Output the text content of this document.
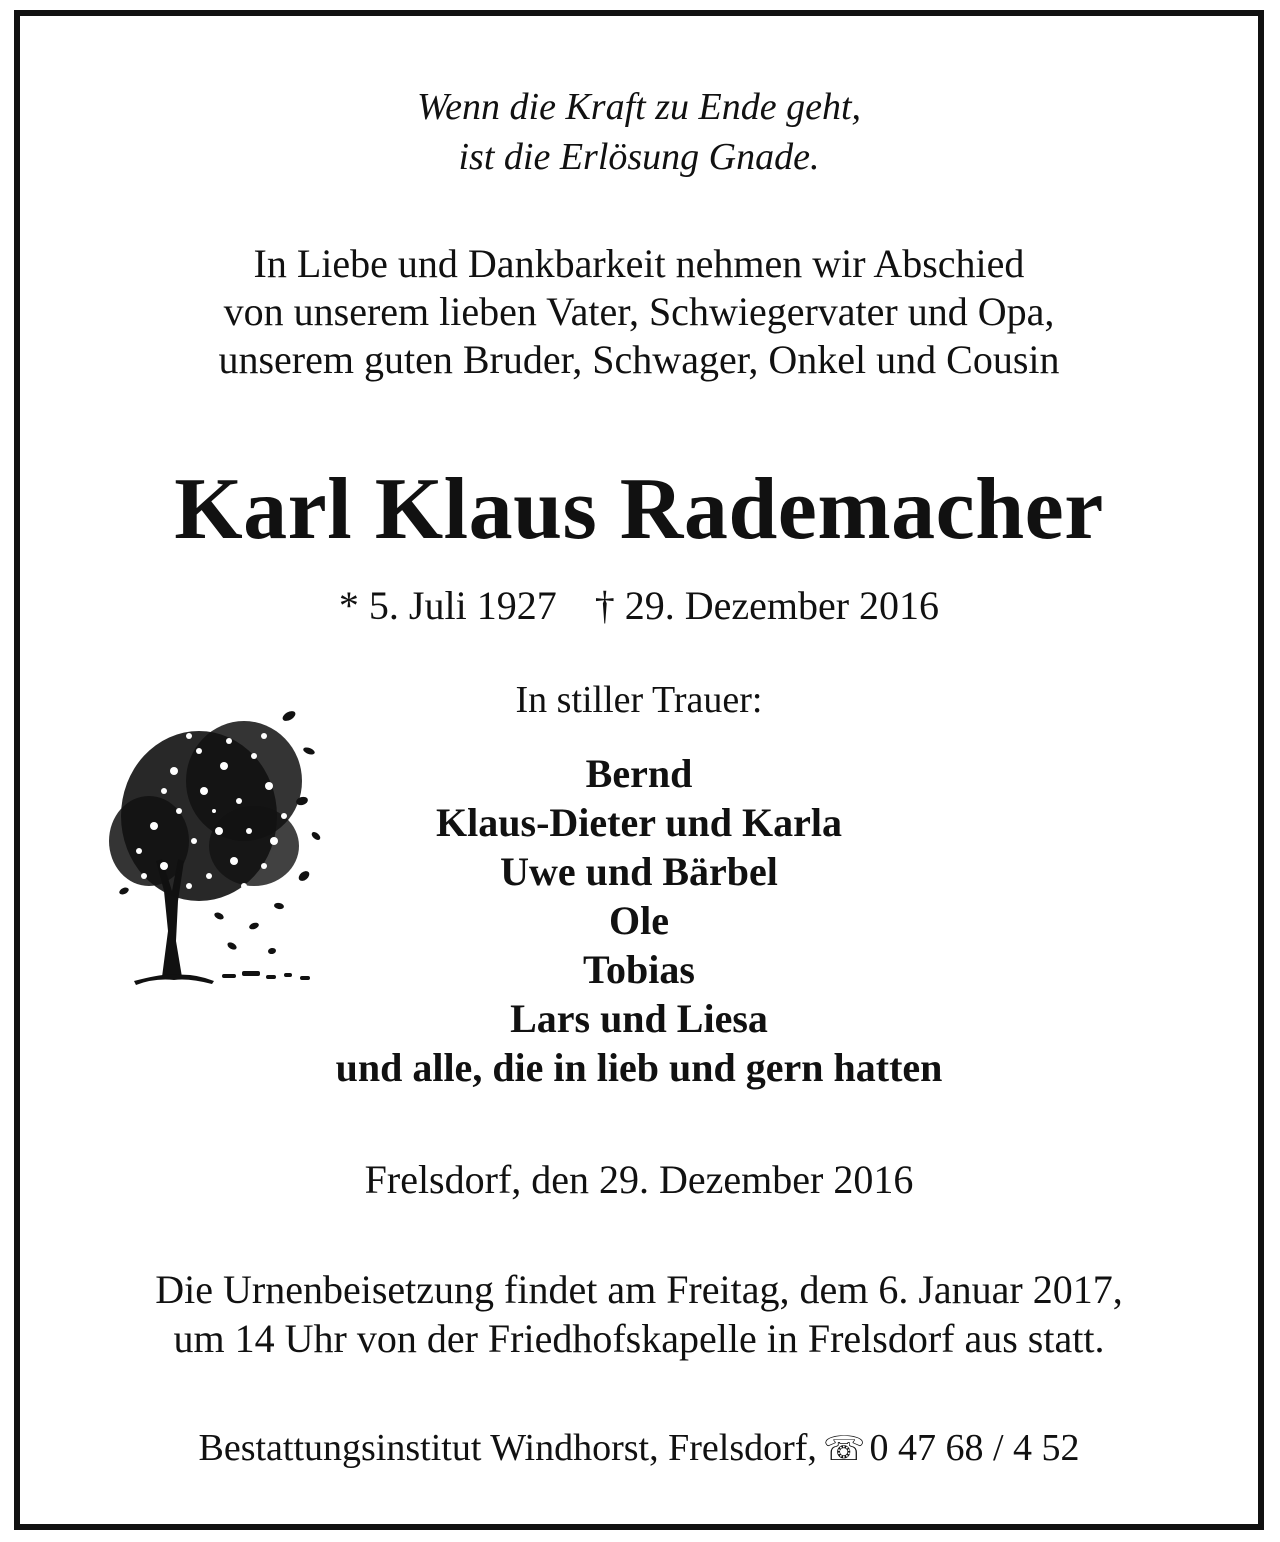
Wenn die Kraft zu Ende geht,
ist die Erlösung Gnade.
In Liebe und Dankbarkeit nehmen wir Abschied
von unserem lieben Vater, Schwiegervater und Opa,
unserem guten Bruder, Schwager, Onkel und Cousin
Karl Klaus Rademacher
* 5. Juli 1927 † 29. Dezember 2016
In stiller Trauer:
Bernd
Klaus-Dieter und Karla
Uwe und Bärbel
Ole
Tobias
Lars und Liesa
und alle, die in lieb und gern hatten
Frelsdorf, den 29. Dezember 2016
Die Urnenbeisetzung findet am Freitag, dem 6. Januar 2017,
um 14 Uhr von der Friedhofskapelle in Frelsdorf aus statt.
Bestattungsinstitut Windhorst, Frelsdorf, ☏ 0 47 68 / 4 52
